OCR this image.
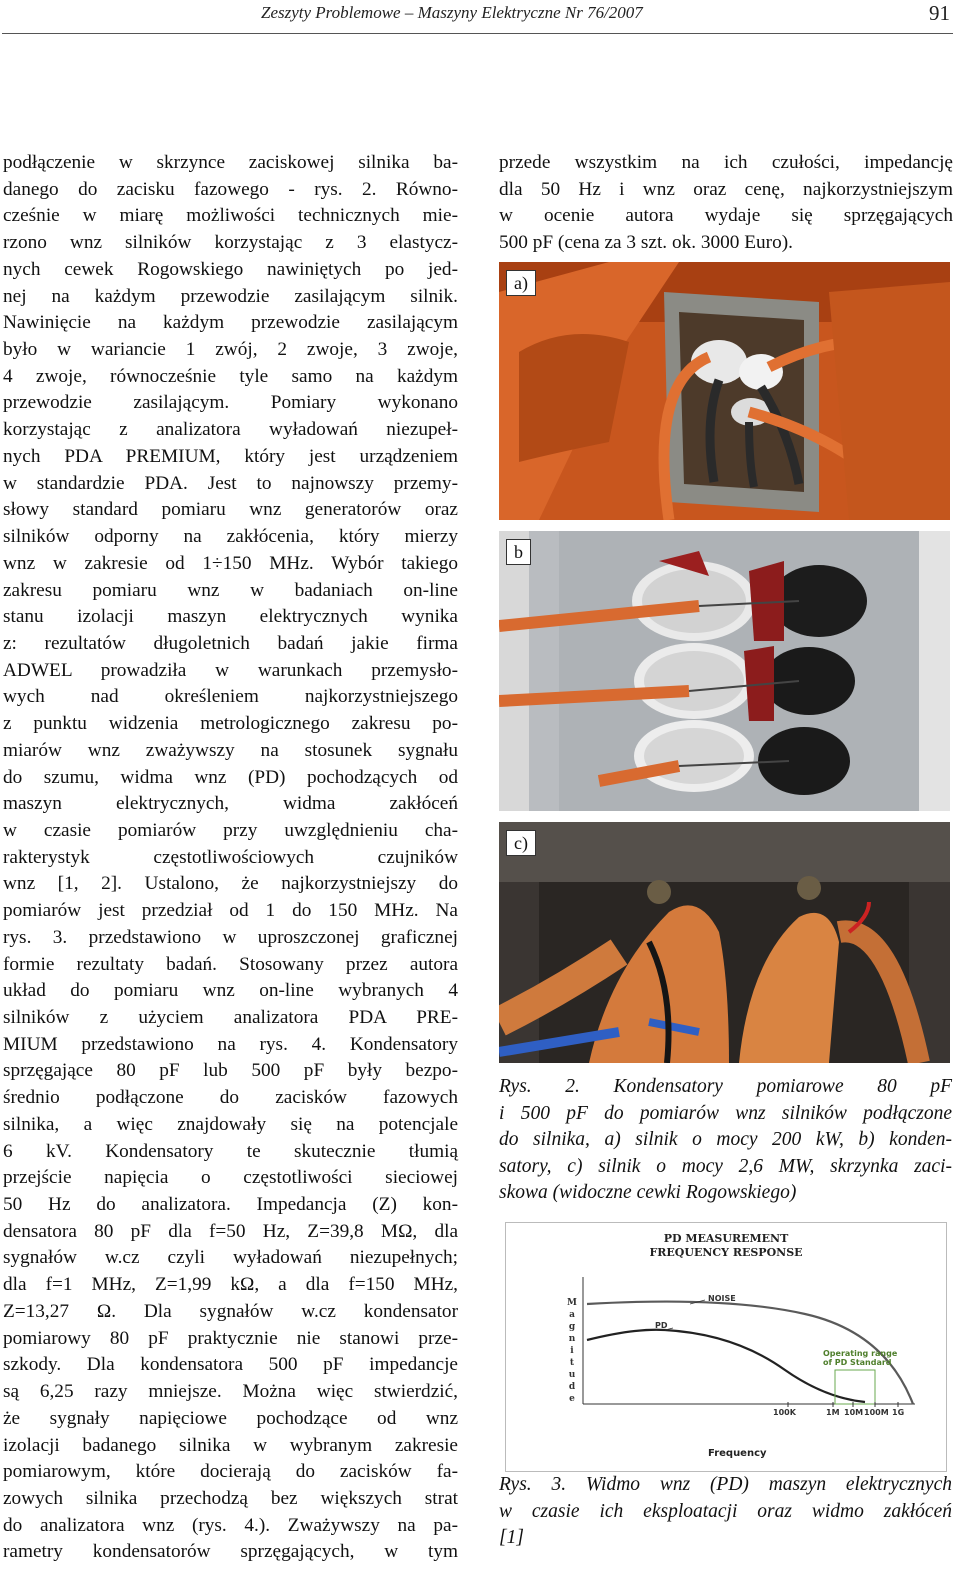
Zeszyty Problemowe – Maszyny Elektryczne Nr 76/2007	91

podłączenie w skrzynce zaciskowej silnika ba-

danego do zacisku fazowego - rys. 2. Równo-

cześnie w miarę możliwości technicznych mie-

rzono wnz silników korzystając z 3 elastycz-

nych cewek Rogowskiego nawiniętych po jed-

nej na każdym przewodzie zasilającym silnik.

Nawinięcie na każdym przewodzie zasilającym

było w wariancie 1 zwój, 2 zwoje, 3 zwoje,

4 zwoje, równocześnie tyle samo na każdym

przewodzie zasilającym. Pomiary wykonano

korzystając z analizatora wyładowań niezupeł-

nych PDA PREMIUM, który jest urządzeniem

w standardzie PDA. Jest to najnowszy przemy-

słowy standard pomiaru wnz generatorów oraz

silników odporny na zakłócenia, który mierzy

wnz w zakresie od 1÷150 MHz. Wybór takiego

zakresu pomiaru wnz w badaniach on-line

stanu izolacji maszyn elektrycznych wynika

z: rezultatów długoletnich badań jakie firma

ADWEL prowadziła w warunkach przemysło-

wych nad określeniem najkorzystniejszego

z punktu widzenia metrologicznego zakresu po-

miarów wnz zważywszy na stosunek sygnału

do szumu, widma wnz (PD) pochodzących od

maszyn elektrycznych, widma zakłóceń

w czasie pomiarów przy uwzględnieniu cha-

rakterystyk częstotliwościowych czujników

wnz [1, 2]. Ustalono, że najkorzystniejszy do

pomiarów jest przedział od 1 do 150 MHz. Na

rys. 3. przedstawiono w uproszczonej graficznej

formie rezultaty badań. Stosowany przez autora

układ do pomiaru wnz on-line wybranych 4

silników z użyciem analizatora PDA PRE-

MIUM przedstawiono na rys. 4. Kondensatory

sprzęgające 80 pF lub 500 pF były bezpo-

średnio podłączone do zacisków fazowych

silnika, a więc znajdowały się na potencjale

6 kV. Kondensatory te skutecznie tłumią

przejście napięcia o częstotliwości sieciowej

50 Hz do analizatora. Impedancja (Z) kon-

densatora 80 pF dla f=50 Hz, Z=39,8 MΩ, dla

sygnałów w.cz czyli wyładowań niezupełnych;

dla f=1 MHz, Z=1,99 kΩ, a dla f=150 MHz,

Z=13,27 Ω. Dla sygnałów w.cz kondensator

pomiarowy 80 pF praktycznie nie stanowi prze-

szkody. Dla kondensatora 500 pF impedancje

są 6,25 razy mniejsze. Można więc stwierdzić,

że sygnały napięciowe pochodzące od wnz

izolacji badanego silnika w wybranym zakresie

pomiarowym, które docierają do zacisków fa-

zowych silnika przechodzą bez większych strat

do analizatora wnz (rys. 4.). Zważywszy na pa-

rametry kondensatorów sprzęgających, w tym

przede wszystkim na ich czułości, impedancję

dla 50 Hz i wnz oraz cenę, najkorzystniejszym

w ocenie autora wydaje się sprzęgających

500 pF (cena za 3 szt. ok. 3000 Euro).

a)
b
c)

Rys. 2. Kondensatory pomiarowe 80 pF

i 500 pF do pomiarów wnz silników podłączone

do silnika, a) silnik o mocy 200 kW, b) konden-

satory, c) silnik o mocy 2,6 MW, skrzynka zaci-

skowa (widoczne cewki Rogowskiego)

PD MEASUREMENT
FREQUENCY RESPONSE
M
a
g
n
i
t
u
d
e
NOISE
PD
Operating range
of PD Standard
100K	1M 10M 100M 1G
Frequency

Rys. 3. Widmo wnz (PD) maszyn elektrycznych

w czasie ich eksploatacji oraz widmo zakłóceń

[1]
